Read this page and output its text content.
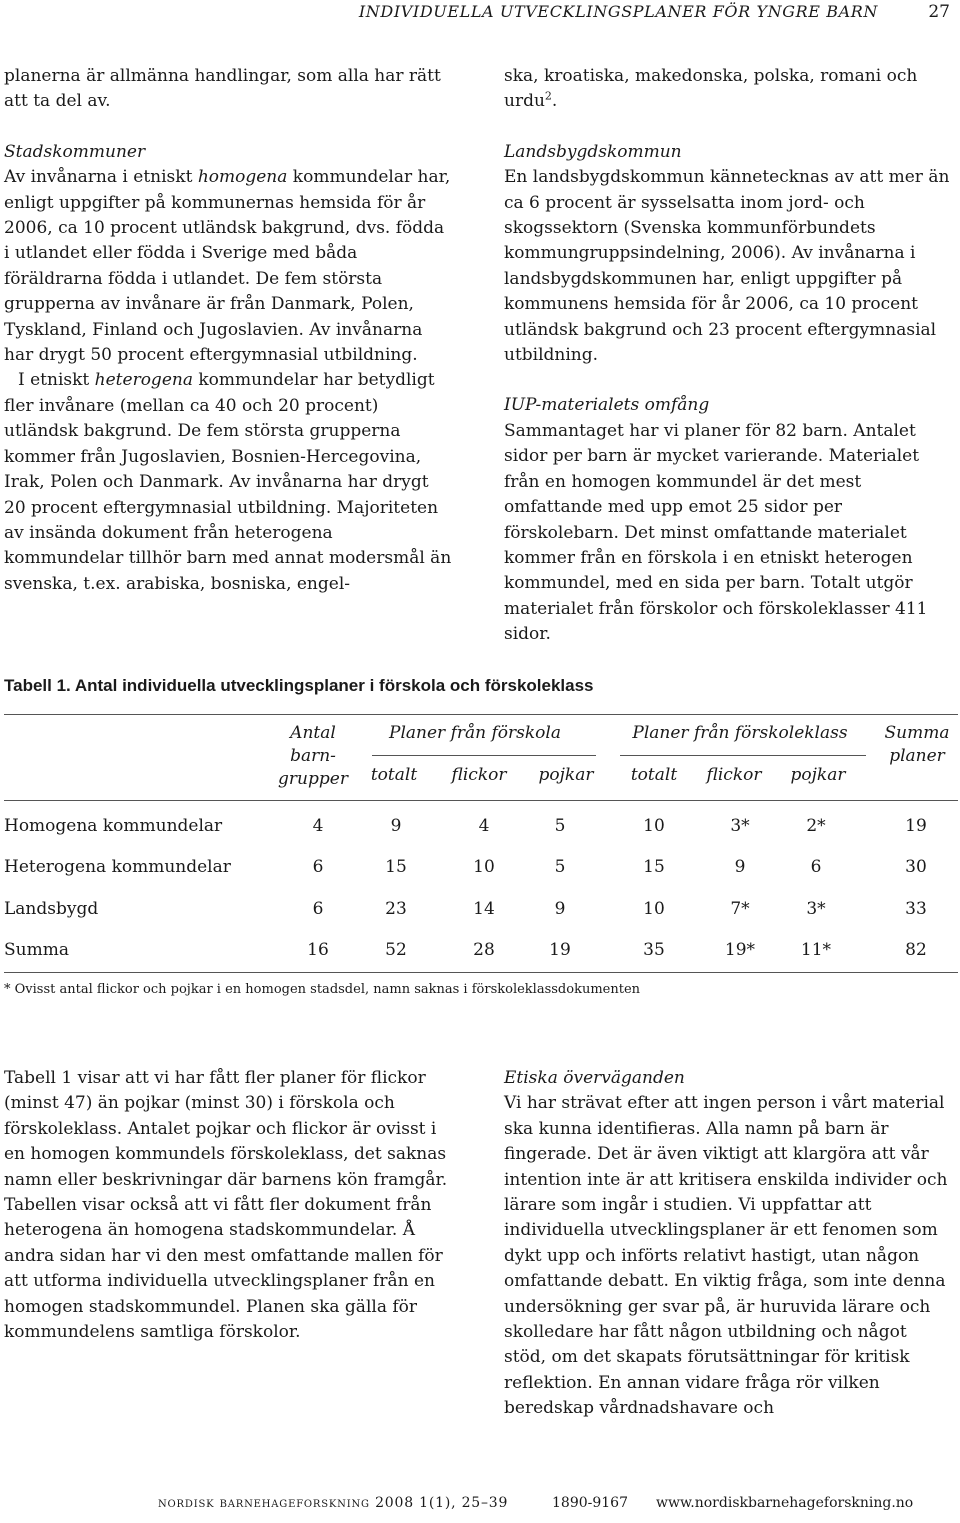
INDIVIDUELLA UTVECKLINGSPLANER FÖR YNGRE BARN	27

planerna är allmänna handlingar, som alla har rätt att ta del av.

Stadskommuner

Av invånarna i etniskt homogena kommundelar har, enligt uppgifter på kommunernas hemsida för år 2006, ca 10 procent utländsk bakgrund, dvs. födda i utlandet eller födda i Sverige med båda föräldrarna födda i utlandet. De fem största grupperna av invånare är från Danmark, Polen, Tyskland, Finland och Jugoslavien. Av invånarna har drygt 50 procent eftergymnasial utbildning.

I etniskt heterogena kommundelar har betydligt fler invånare (mellan ca 40 och 20 procent) utländsk bakgrund. De fem största grupperna kommer från Jugoslavien, Bosnien-Hercegovina, Irak, Polen och Danmark. Av invånarna har drygt 20 procent eftergymnasial utbildning. Majoriteten av insända dokument från heterogena kommundelar tillhör barn med annat modersmål än svenska, t.ex. arabiska, bosniska, engel-

ska, kroatiska, makedonska, polska, romani och urdu$^2$.

Landsbygdskommun

En landsbygdskommun kännetecknas av att mer än ca 6 procent är sysselsatta inom jord- och skogssektorn (Svenska kommunförbundets kommungruppsindelning, 2006). Av invånarna i landsbygdskommunen har, enligt uppgifter på kommunens hemsida för år 2006, ca 10 procent utländsk bakgrund och 23 procent eftergymnasial utbildning.

IUP-materialets omfång

Sammantaget har vi planer för 82 barn. Antalet sidor per barn är mycket varierande. Materialet från en homogen kommundel är det mest omfattande med upp emot 25 sidor per förskolebarn. Det minst omfattande materialet kommer från en förskola i en etniskt heterogen kommundel, med en sida per barn. Totalt utgör materialet från förskolor och förskoleklasser 411 sidor.

Tabell 1. Antal individuella utvecklingsplaner i förskola och förskoleklass
Antal
barn-
grupper
Planer från förskola	Planer från förskoleklass	Summa
planer
totalt	flickor	pojkar	totalt	flickor	pojkar
Homogena kommundelar	4	9	4	5	10	3*	2*	19
Heterogena kommundelar	6	15	10	5	15	9	6	30
Landsbygd	6	23	14	9	10	7*	3*	33
Summa	16	52	28	19	35	19*	11*	82
* Ovisst antal flickor och pojkar i en homogen stadsdel, namn saknas i förskoleklassdokumenten

Tabell 1 visar att vi har fått fler planer för flickor (minst 47) än pojkar (minst 30) i förskola och förskoleklass. Antalet pojkar och flickor är ovisst i en homogen kommundels förskoleklass, det saknas namn eller beskrivningar där barnens kön framgår. Tabellen visar också att vi fått fler dokument från heterogena än homogena stadskommundelar. Å andra sidan har vi den mest omfattande mallen för att utforma individuella utvecklingsplaner från en homogen stadskommundel. Planen ska gälla för kommundelens samtliga förskolor.

Etiska överväganden

Vi har strävat efter att ingen person i vårt material ska kunna identifieras. Alla namn på barn är fingerade. Det är även viktigt att klargöra att vår intention inte är att kritisera enskilda individer och lärare som ingår i studien. Vi uppfattar att individuella utvecklingsplaner är ett fenomen som dykt upp och införts relativt hastigt, utan någon omfattande debatt. En viktig fråga, som inte denna undersökning ger svar på, är huruvida lärare och skolledare har fått någon utbildning och något stöd, om det skapats förutsättningar för kritisk reflektion. En annan vidare fråga rör vilken beredskap vårdnadshavare och

nordisk barnehageforskning 2008 1(1), 25–39	1890-9167 www.nordiskbarnehageforskning.no
